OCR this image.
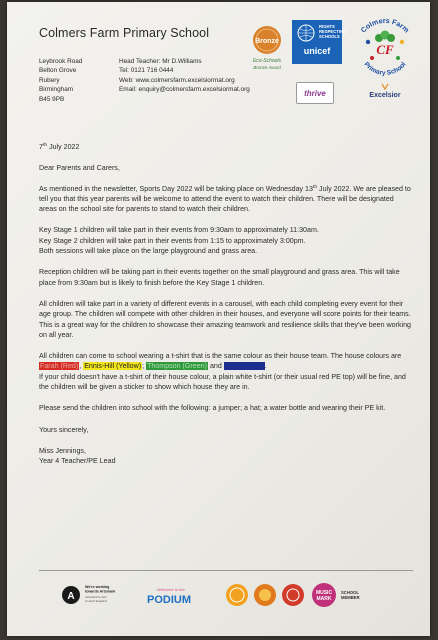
Colmers Farm Primary School
Leybrook Road
Belton Grove
Rubery
Birmingham
B45 9PB
Head Teacher: Mr D.Williams
Tel: 0121 716 0444
Web: www.colmersfarm.excelsiormat.org
Email: enquiry@colmersfarm.excelsiormat.org
Bronze
Eco-Schools
Bronze Award
RIGHTS
RESPECTING
SCHOOLS
unicef
Colmers Farm
Primary School
CF
thrive	Excelsior

7th July 2022

Dear Parents and Carers,

As mentioned in the newsletter, Sports Day 2022 will be taking place on Wednesday 13th July 2022. We are pleased to tell you that this year parents will be welcome to attend the event to watch their children. There will be designated areas on the school site for parents to stand to watch their children.

Key Stage 1 children will take part in their events from 9:30am to approximately 11:30am.

Key Stage 2 children will take part in their events from 1:15 to approximately 3:00pm.

Both sessions will take place on the large playground and grass area.

Reception children will be taking part in their events together on the small playground and grass area. This will take place from 9:30am but is likely to finish before the Key Stage 1 children.

All children will take part in a variety of different events in a carousel, with each child completing every event for their age group. The children will compete with other children in their houses, and everyone will score points for their teams. This is a great way for the children to showcase their amazing teamwork and resilience skills that they've been working on all year.

All children can come to school wearing a t-shirt that is the same colour as their house team. The house colours are Farah (Red), Ennis-Hill (Yellow); Thompson (Green) and Daley (Blue).

If your child doesn't have a t-shirt of their house colour, a plain white t-shirt (or their usual red PE top) will be fine, and the children will be given a sticker to show which house they are in.

Please send the children into school with the following: a jumper; a hat; a water bottle and wearing their PE kit.

Yours sincerely,

Miss Jennings,

Year 4 Teacher/PE Lead

A
We're working
towards Artsmark
Awarded by Arts
Council England
Welcome to the
PODIUM
MUSIC
MARK
SCHOOL
MEMBER
